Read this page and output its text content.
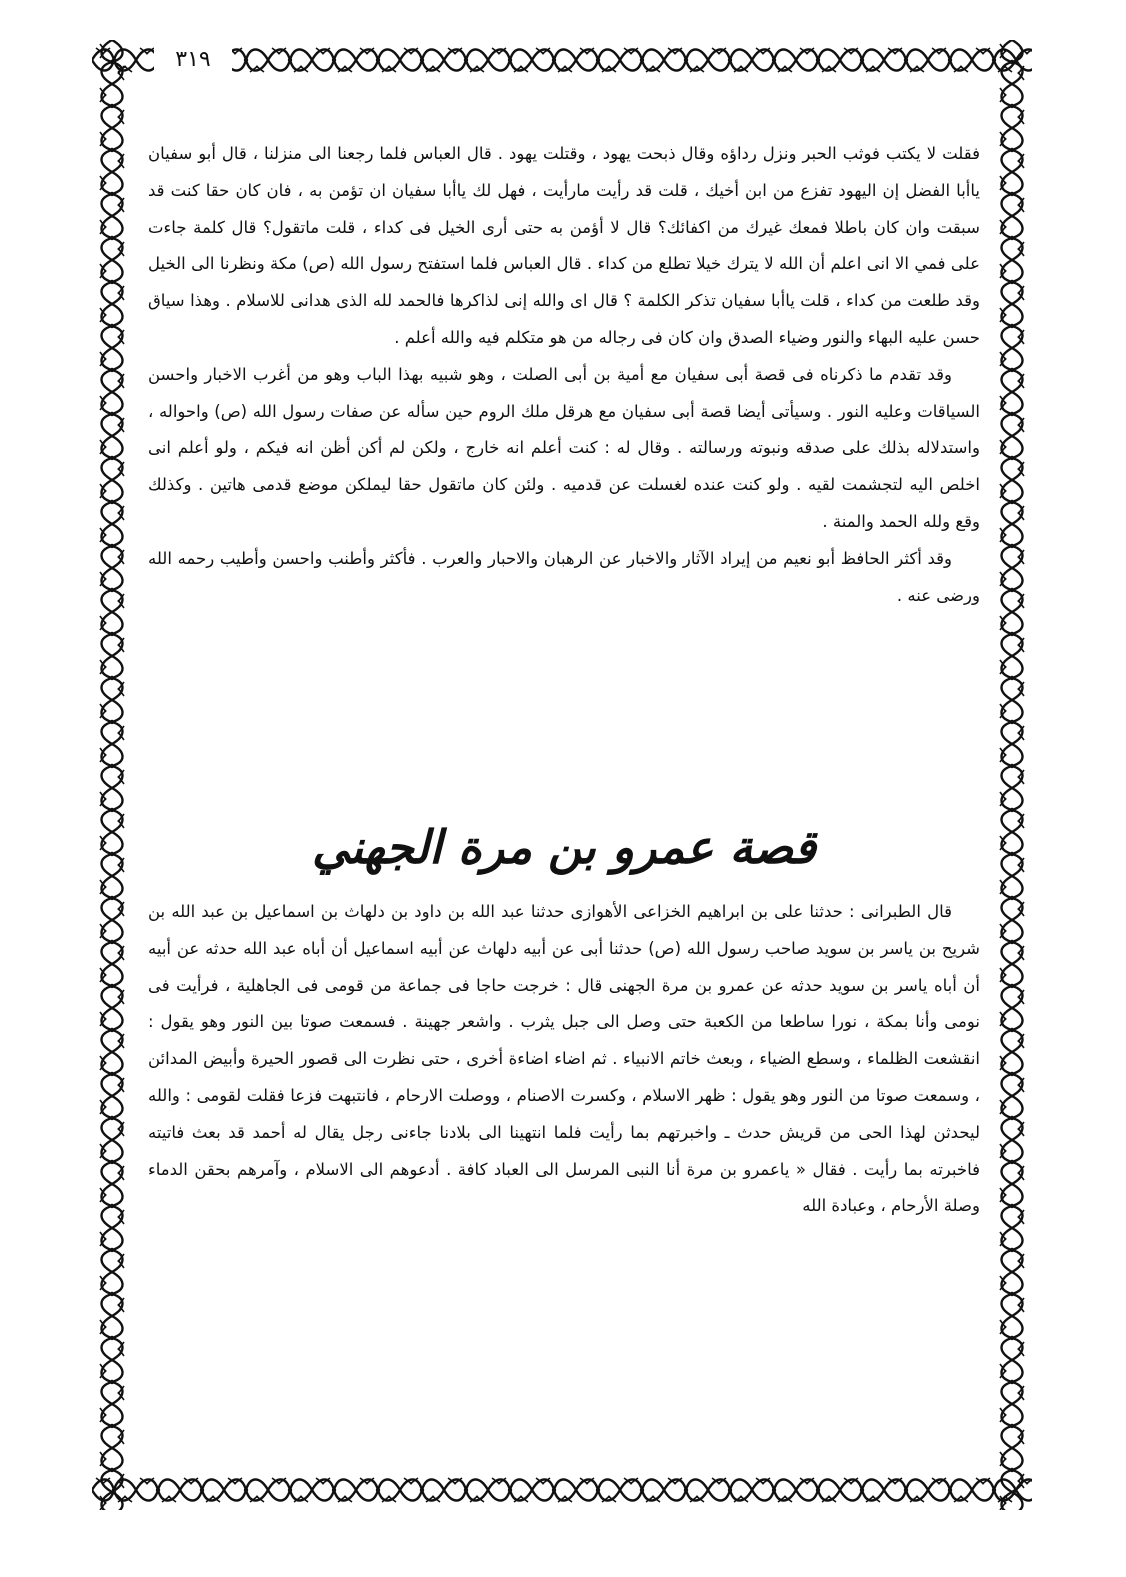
٣١٩

فقلت لا يكتب فوثب الحبر ونزل رداؤه وقال ذبحت يهود ، وقتلت يهود . قال العباس فلما رجعنا الى منزلنا ، قال أبو سفيان ياأبا الفضل إن اليهود تفزع من ابن أخيك ، قلت قد رأيت مارأيت ، فهل لك ياأبا سفيان ان تؤمن به ، فان كان حقا كنت قد سبقت وان كان باطلا فمعك غيرك من اكفائك؟ قال لا أؤمن به حتى أرى الخيل فى كداء ، قلت ماتقول؟ قال كلمة جاءت على فمي الا انى اعلم أن الله لا يترك خيلا تطلع من كداء . قال العباس فلما استفتح رسول الله (ص) مكة ونظرنا الى الخيل وقد طلعت من كداء ، قلت ياأبا سفيان تذكر الكلمة ؟ قال اى والله إنى لذاكرها فالحمد لله الذى هدانى للاسلام . وهذا سياق حسن عليه البهاء والنور وضياء الصدق وان كان فى رجاله من هو متكلم فيه والله أعلم .

وقد تقدم ما ذكرناه فى قصة أبى سفيان مع أمية بن أبى الصلت ، وهو شبيه بهذا الباب وهو من أغرب الاخبار واحسن السياقات وعليه النور . وسيأتى أيضا قصة أبى سفيان مع هرقل ملك الروم حين سأله عن صفات رسول الله (ص) واحواله ، واستدلاله بذلك على صدقه ونبوته ورسالته . وقال له : كنت أعلم انه خارج ، ولكن لم أكن أظن انه فيكم ، ولو أعلم انى اخلص اليه لتجشمت لقيه . ولو كنت عنده لغسلت عن قدميه . ولئن كان ماتقول حقا ليملكن موضع قدمى هاتين . وكذلك وقع ولله الحمد والمنة .

وقد أكثر الحافظ أبو نعيم من إيراد الآثار والاخبار عن الرهبان والاحبار والعرب . فأكثر وأطنب واحسن وأطيب رحمه الله ورضى عنه .

قصة عمرو بن مرة الجهني

قال الطبرانى : حدثنا على بن ابراهيم الخزاعى الأهوازى حدثنا عبد الله بن داود بن دلهاث بن اسماعيل بن عبد الله بن شريح بن ياسر بن سويد صاحب رسول الله (ص) حدثنا أبى عن أبيه دلهاث عن أبيه اسماعيل أن أباه عبد الله حدثه عن أبيه أن أباه ياسر بن سويد حدثه عن عمرو بن مرة الجهنى قال : خرجت حاجا فى جماعة من قومى فى الجاهلية ، فرأيت فى نومى وأنا بمكة ، نورا ساطعا من الكعبة حتى وصل الى جبل يثرب . واشعر جهينة . فسمعت صوتا بين النور وهو يقول : انقشعت الظلماء ، وسطع الضياء ، وبعث خاتم الانبياء . ثم اضاء اضاءة أخرى ، حتى نظرت الى قصور الحيرة وأبيض المدائن ، وسمعت صوتا من النور وهو يقول : ظهر الاسلام ، وكسرت الاصنام ، ووصلت الارحام ، فانتبهت فزعا فقلت لقومى : والله ليحدثن لهذا الحى من قريش حدث ـ واخبرتهم بما رأيت فلما انتهينا الى بلادنا جاءنى رجل يقال له أحمد قد بعث فاتيته فاخبرته بما رأيت . فقال « ياعمرو بن مرة أنا النبى المرسل الى العباد كافة . أدعوهم الى الاسلام ، وآمرهم بحقن الدماء وصلة الأرحام ، وعبادة الله
